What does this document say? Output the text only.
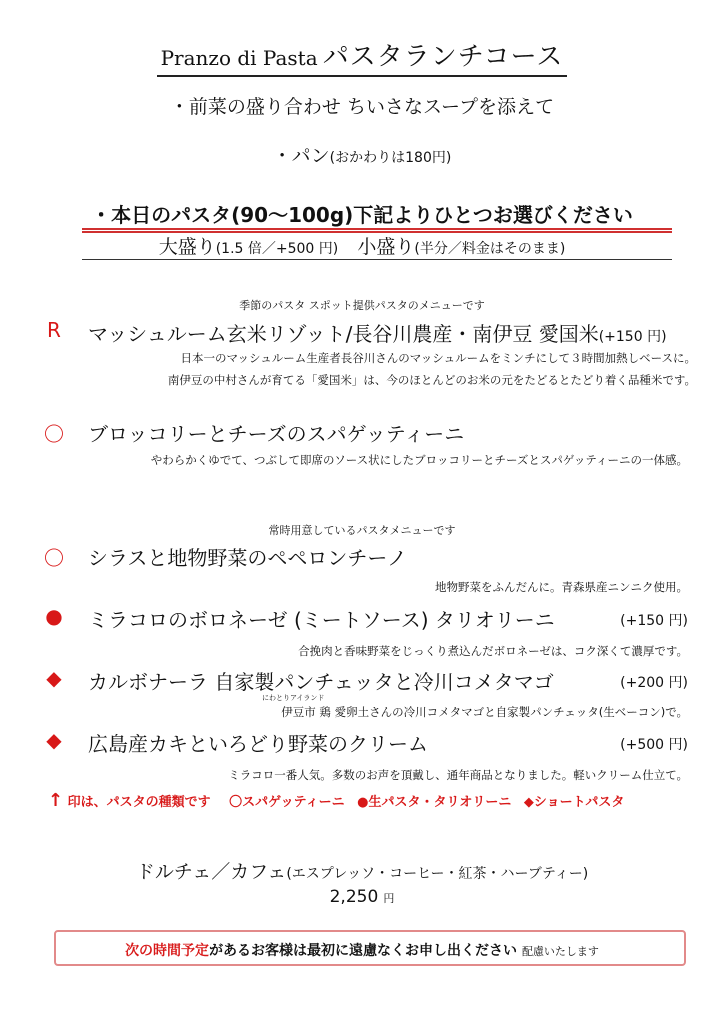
Pranzo di Pasta パスタランチコース
・前菜の盛り合わせ ちいさなスープを添えて
・パン(おかわりは180円)
・本日のパスタ(90〜100g)下記よりひとつお選びください
大盛り(1.5 倍／+500 円) 小盛り(半分／料金はそのまま)
季節のパスタ スポット提供パスタのメニューです
R マッシュルーム玄米リゾット/長谷川農産・南伊豆 愛国米(+150 円)
日本一のマッシュルーム生産者長谷川さんのマッシュルームをミンチにして３時間加熱しベースに。
南伊豆の中村さんが育てる「愛国米」は、今のほとんどのお米の元をたどるとたどり着く品種米です。
〇 ブロッコリーとチーズのスパゲッティーニ
やわらかくゆでて、つぶして即席のソース状にしたブロッコリーとチーズとスパゲッティーニの一体感。
常時用意しているパスタメニューです
〇 シラスと地物野菜のペペロンチーノ
地物野菜をふんだんに。青森県産ニンニク使用。
● ミラコロのボロネーゼ (ミートソース) タリオリーニ	(+150 円)
合挽肉と香味野菜をじっくり煮込んだボロネーゼは、コク深くて濃厚です。
◆ カルボナーラ 自家製パンチェッタと冷川コメタマゴ	(+200 円)
にわとりアイランド
伊豆市 鶏 愛卵土さんの冷川コメタマゴと自家製パンチェッタ(生ベーコン)で。
◆ 広島産カキといろどり野菜のクリーム	(+500 円)
ミラコロ一番人気。多数のお声を頂戴し、通年商品となりました。軽いクリーム仕立て。
↑ 印は、パスタの種類です 〇スパゲッティーニ ●生パスタ・タリオリーニ ◆ショートパスタ
ドルチェ／カフェ(エスプレッソ・コーヒー・紅茶・ハーブティー)
2,250 円
次の時間予定があるお客様は最初に遠慮なくお申し出ください 配慮いたします
